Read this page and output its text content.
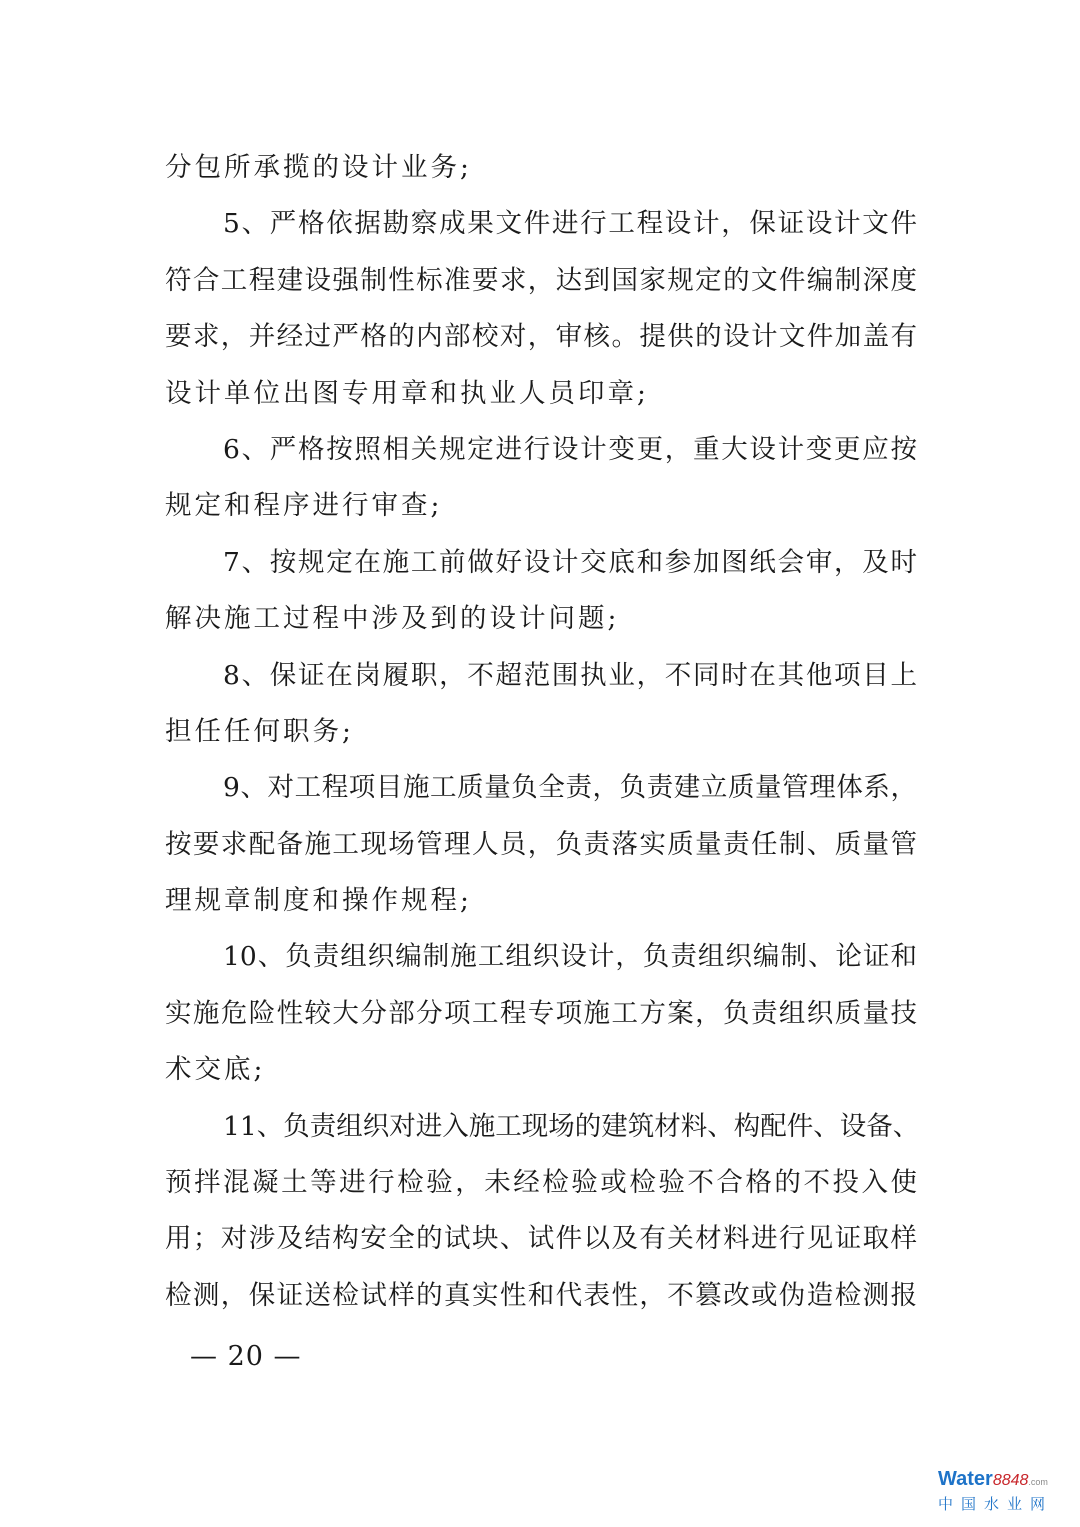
分包所承揽的设计业务;
5、严格依据勘察成果文件进行工程设计，保证设计文件
符合工程建设强制性标准要求，达到国家规定的文件编制深度
要求，并经过严格的内部校对，审核。提供的设计文件加盖有
设计单位出图专用章和执业人员印章;
6、严格按照相关规定进行设计变更，重大设计变更应按
规定和程序进行审查;
7、按规定在施工前做好设计交底和参加图纸会审，及时
解决施工过程中涉及到的设计问题;
8、保证在岗履职，不超范围执业，不同时在其他项目上
担任任何职务;
9、对工程项目施工质量负全责，负责建立质量管理体系，
按要求配备施工现场管理人员，负责落实质量责任制、质量管
理规章制度和操作规程;
10、负责组织编制施工组织设计，负责组织编制、论证和
实施危险性较大分部分项工程专项施工方案，负责组织质量技
术交底;
11、负责组织对进入施工现场的建筑材料、构配件、设备、
预拌混凝土等进行检验，未经检验或检验不合格的不投入使
用；对涉及结构安全的试块、试件以及有关材料进行见证取样
检测，保证送检试样的真实性和代表性，不篡改或伪造检测报
— 20 —
Water8848.com
中国水业网
